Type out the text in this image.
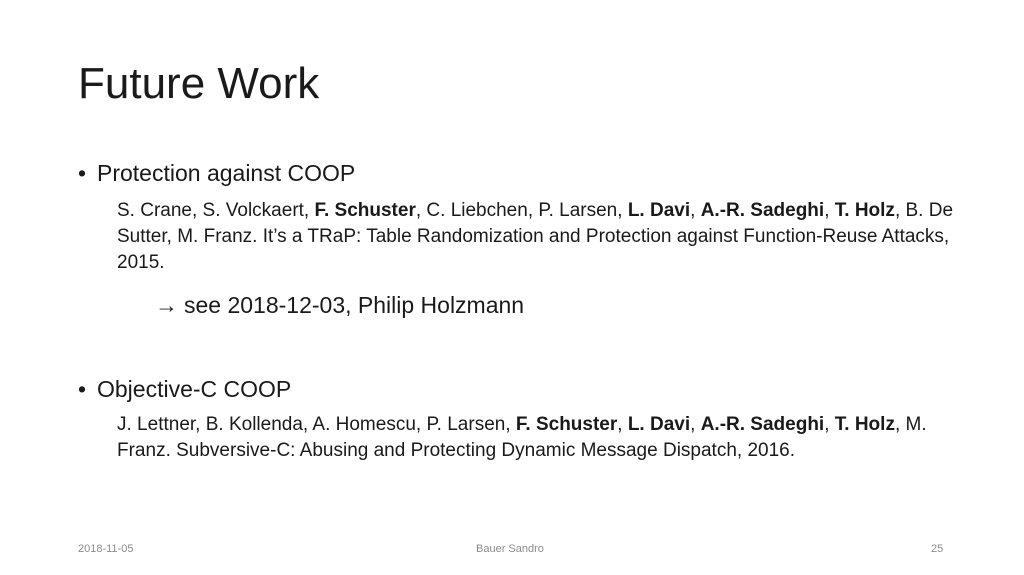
Future Work
• Protection against COOP
S. Crane, S. Volckaert, F. Schuster, C. Liebchen, P. Larsen, L. Davi, A.-R. Sadeghi, T. Holz, B. De Sutter, M. Franz. It’s a TRaP: Table Randomization and Protection against Function-Reuse Attacks, 2015.
→ see 2018-12-03, Philip Holzmann
• Objective-C COOP
J. Lettner, B. Kollenda, A. Homescu, P. Larsen, F. Schuster, L. Davi, A.-R. Sadeghi, T. Holz, M. Franz. Subversive-C: Abusing and Protecting Dynamic Message Dispatch, 2016.
2018-11-05	Bauer Sandro	25
